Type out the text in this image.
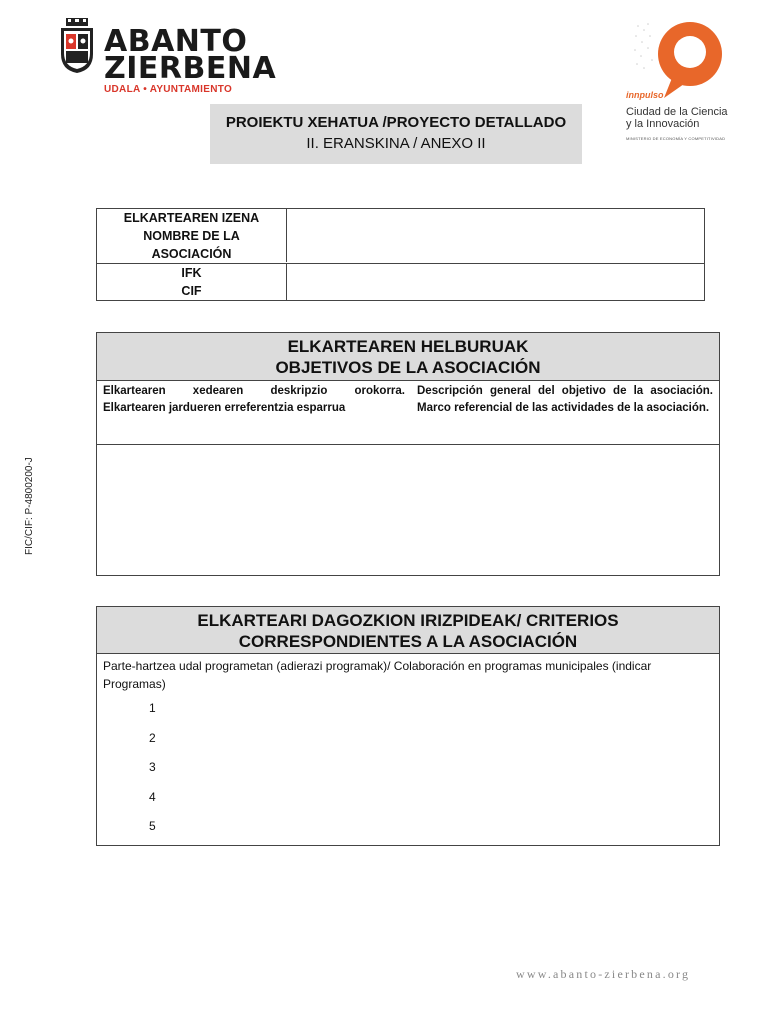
ABANTO
ZIERBENA
UDALA • AYUNTAMIENTO	innpulso
Ciudad de la Ciencia
y la Innovación
MINISTERIO DE ECONOMÍA Y COMPETITIVIDAD
PROIEKTU XEHATUA /PROYECTO DETALLADO
II. ERANSKINA / ANEXO II
ELKARTEAREN IZENA
NOMBRE DE LA
ASOCIACIÓN
IFK
CIF
ELKARTEAREN HELBURUAK
OBJETIVOS DE LA ASOCIACIÓN
Elkartearen xedearen deskripzio orokorra.
Elkartearen jardueren erreferentzia esparrua
Descripción general del objetivo de la asociación. Marco referencial de las actividades de la asociación.
ELKARTEARI DAGOZKION IRIZPIDEAK/ CRITERIOS
CORRESPONDIENTES A LA ASOCIACIÓN
Parte-hartzea udal programetan (adierazi programak)/ Colaboración en programas municipales (indicar Programas)
1
2
3
4
5
FIC/CIF: P-4800200-J
www.abanto-zierbena.org
